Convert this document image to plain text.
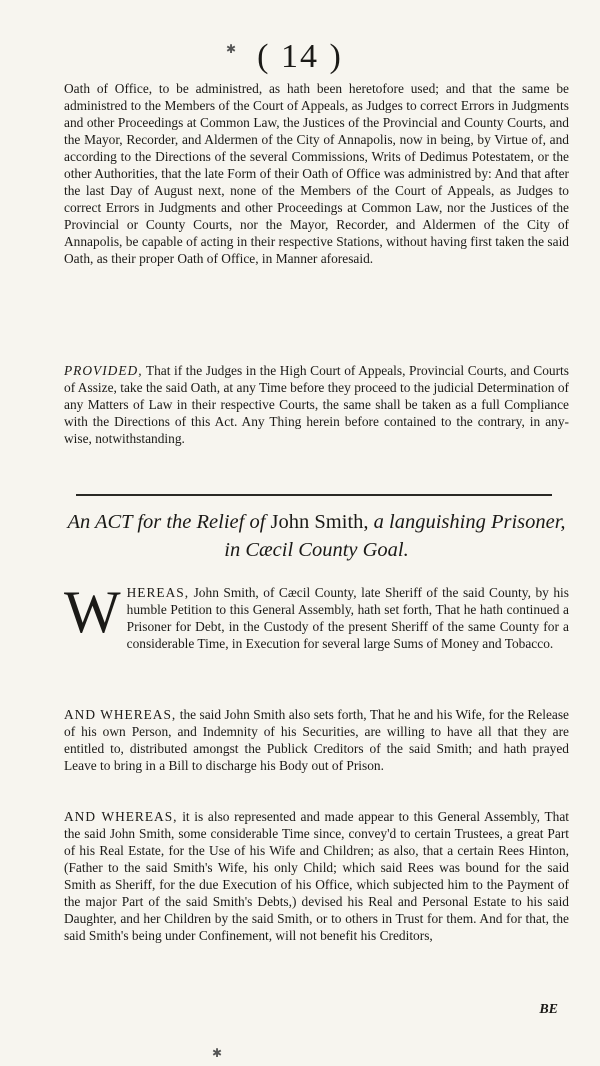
✱ ( 14 )
Oath of Office, to be administred, as hath been heretofore used; and that the same be administred to the Members of the Court of Appeals, as Judges to correct Errors in Judgments and other Proceedings at Common Law, the Justices of the Provincial and County Courts, and the Mayor, Recorder, and Aldermen of the City of Annapolis, now in being, by Virtue of, and according to the Directions of the several Commissions, Writs of Dedimus Potestatem, or the other Authorities, that the late Form of their Oath of Office was administred by: And that after the last Day of August next, none of the Members of the Court of Appeals, as Judges to correct Errors in Judgments and other Proceedings at Common Law, nor the Justices of the Provincial or County Courts, nor the Mayor, Recorder, and Aldermen of the City of Annapolis, be capable of acting in their respective Stations, without having first taken the said Oath, as their proper Oath of Office, in Manner aforesaid.
PROVIDED, That if the Judges in the High Court of Appeals, Provincial Courts, and Courts of Assize, take the said Oath, at any Time before they proceed to the judicial Determination of any Matters of Law in their respective Courts, the same shall be taken as a full Compliance with the Directions of this Act. Any Thing herein before contained to the contrary, in any-wise, notwithstanding.
An ACT for the Relief of John Smith, a languishing Prisoner, in Cæcil County Goal.
WHEREAS, John Smith, of Cæcil County, late Sheriff of the said County, by his humble Petition to this General Assembly, hath set forth, That he hath continued a Prisoner for Debt, in the Custody of the present Sheriff of the same County for a considerable Time, in Execution for several large Sums of Money and Tobacco.
AND WHEREAS, the said John Smith also sets forth, That he and his Wife, for the Release of his own Person, and Indemnity of his Securities, are willing to have all that they are entitled to, distributed amongst the Publick Creditors of the said Smith; and hath prayed Leave to bring in a Bill to discharge his Body out of Prison.
AND WHEREAS, it is also represented and made appear to this General Assembly, That the said John Smith, some considerable Time since, convey'd to certain Trustees, a great Part of his Real Estate, for the Use of his Wife and Children; as also, that a certain Rees Hinton, (Father to the said Smith's Wife, his only Child; which said Rees was bound for the said Smith as Sheriff, for the due Execution of his Office, which subjected him to the Payment of the major Part of the said Smith's Debts,) devised his Real and Personal Estate to his said Daughter, and her Children by the said Smith, or to others in Trust for them. And for that, the said Smith's being under Confinement, will not benefit his Creditors,
BE
✱
